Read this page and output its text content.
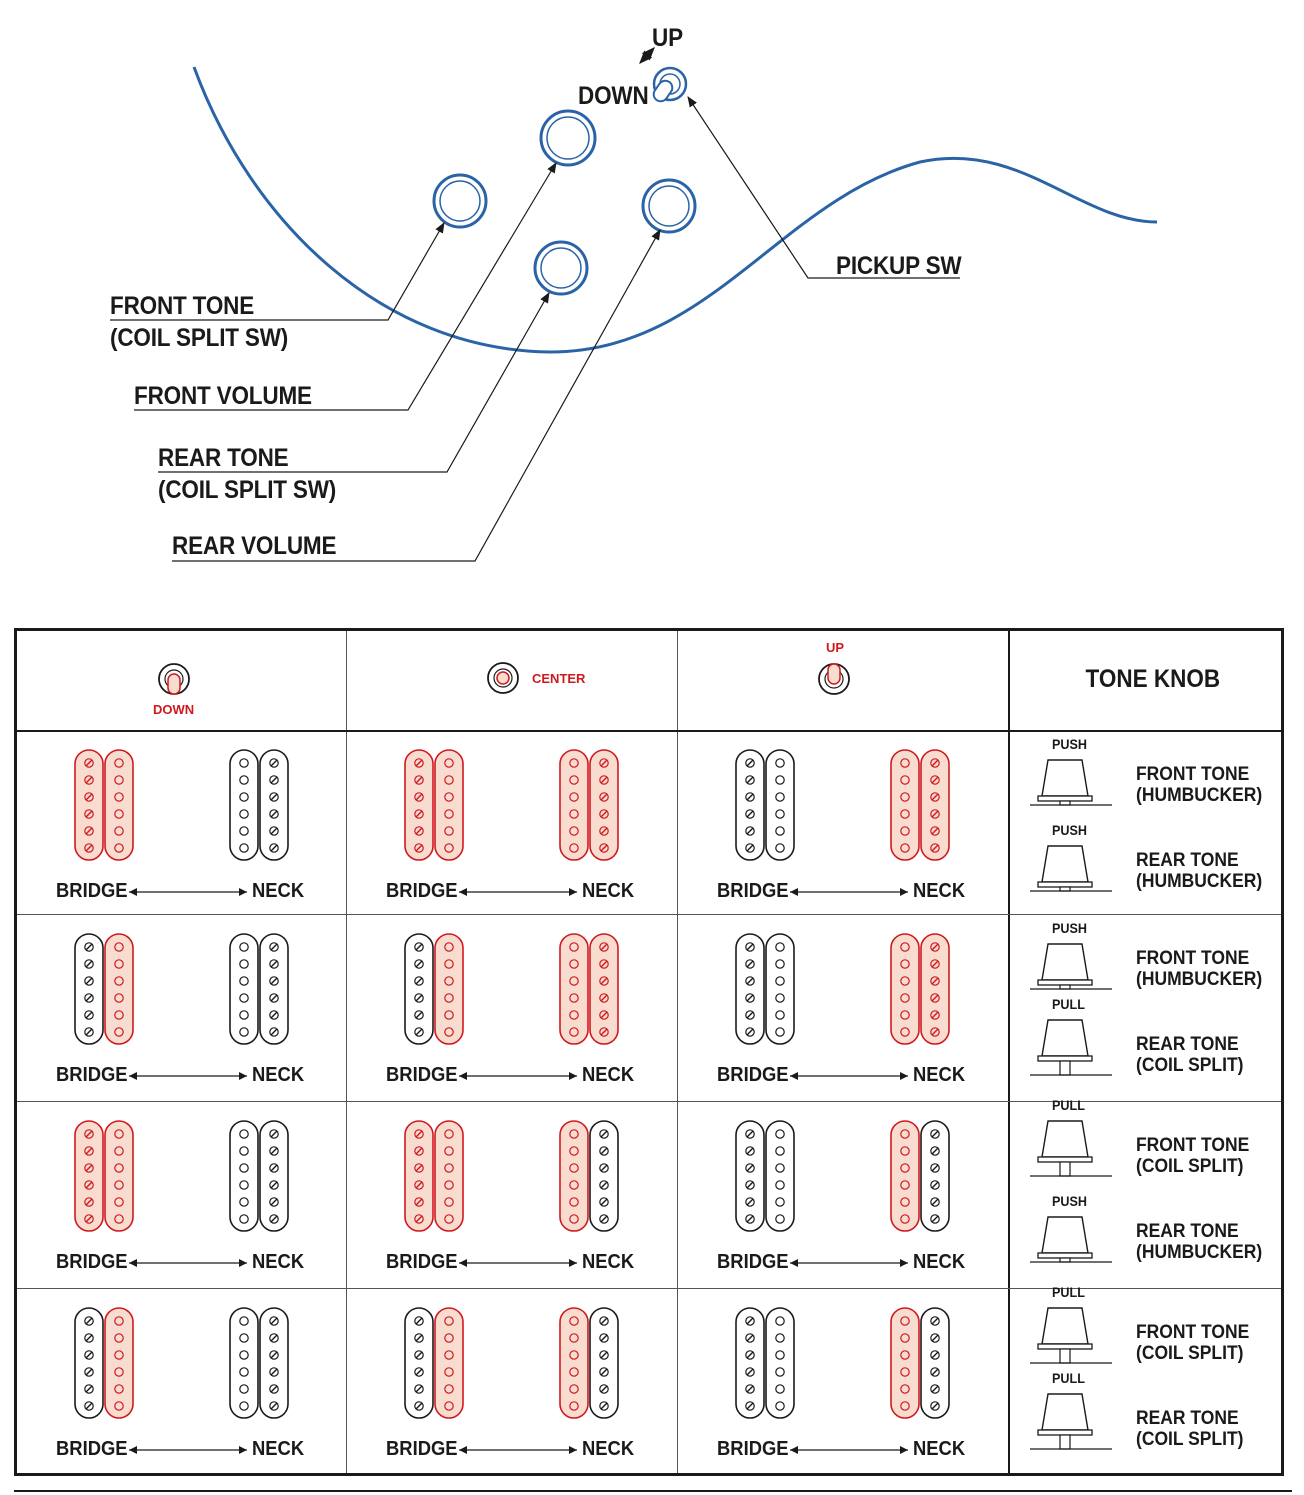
UP
DOWN
PICKUP SW
FRONT TONE
(COIL SPLIT SW)
FRONT VOLUME
REAR TONE
(COIL SPLIT SW)
REAR VOLUME
DOWN
CENTER
UP
TONE KNOB
BRIDGE	NECK	BRIDGE	NECK	BRIDGE	NECK
PUSH
FRONT TONE
(HUMBUCKER)
PUSH
REAR TONE
(HUMBUCKER)
BRIDGE	NECK	BRIDGE	NECK	BRIDGE	NECK
PUSH
FRONT TONE
(HUMBUCKER)
PULL
REAR TONE
(COIL SPLIT)
BRIDGE	NECK	BRIDGE	NECK	BRIDGE	NECK
PULL
FRONT TONE
(COIL SPLIT)
PUSH
REAR TONE
(HUMBUCKER)
BRIDGE	NECK	BRIDGE	NECK	BRIDGE	NECK
PULL
FRONT TONE
(COIL SPLIT)
PULL
REAR TONE
(COIL SPLIT)
